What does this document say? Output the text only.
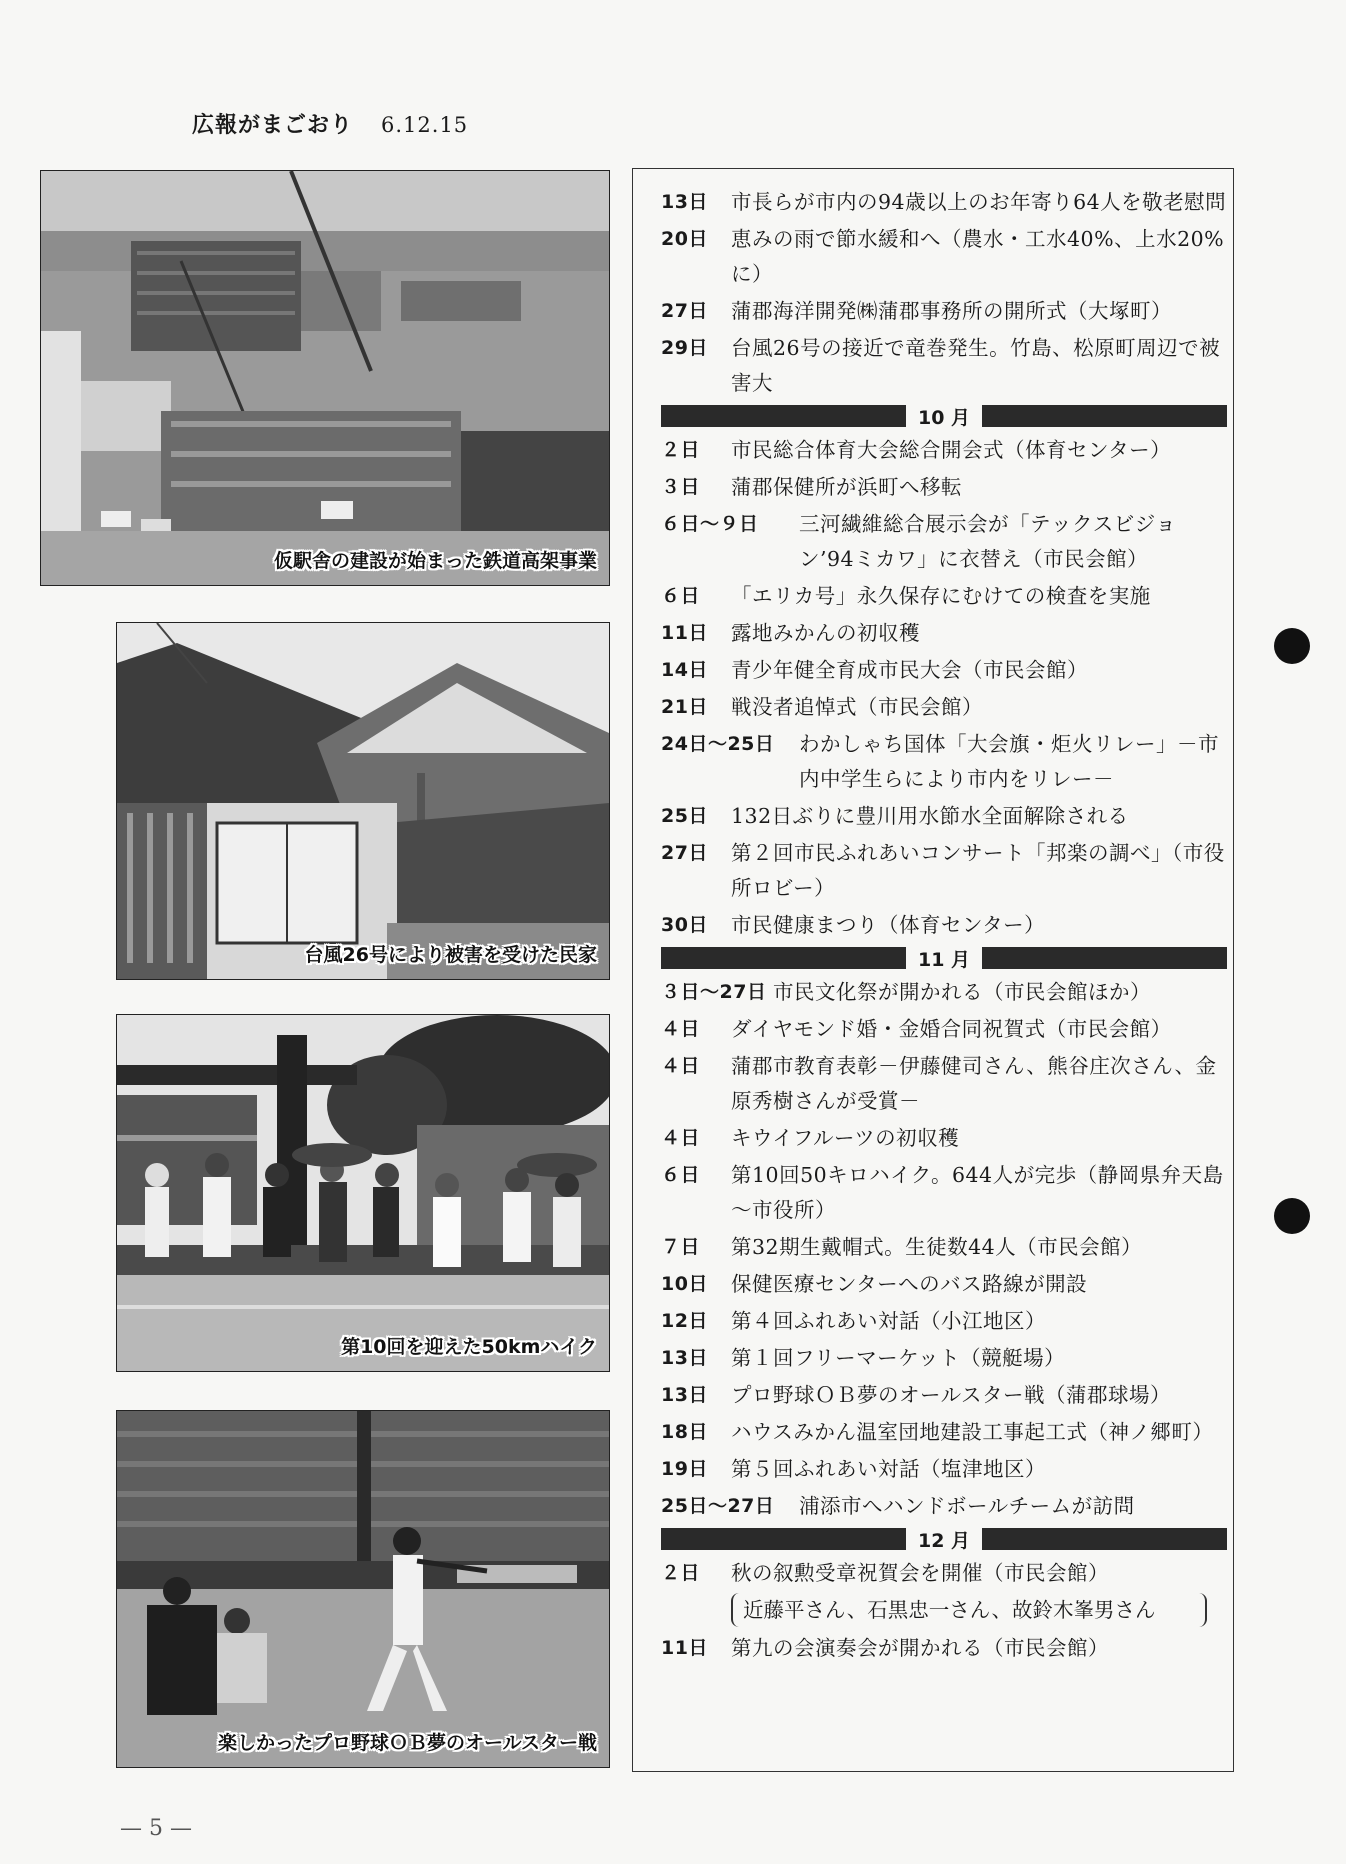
広報がまごおり 6.12.15
仮駅舎の建設が始まった鉄道高架事業
台風26号により被害を受けた民家
第10回を迎えた50kmハイク
楽しかったプロ野球ＯＢ夢のオールスター戦
13日	市長らが市内の94歳以上のお年寄り64人を敬老慰問
20日	恵みの雨で節水緩和へ（農水・工水40%、上水20%に）
27日	蒲郡海洋開発㈱蒲郡事務所の開所式（大塚町）
29日	台風26号の接近で竜巻発生。竹島、松原町周辺で被害大
10 月
２日	市民総合体育大会総合開会式（体育センター）
３日	蒲郡保健所が浜町へ移転
６日～９日	三河繊維総合展示会が「テックスビジョン’94ミカワ」に衣替え（市民会館）
６日	「エリカ号」永久保存にむけての検査を実施
11日	露地みかんの初収穫
14日	青少年健全育成市民大会（市民会館）
21日	戦没者追悼式（市民会館）
24日～25日	わかしゃち国体「大会旗・炬火リレー」－市内中学生らにより市内をリレー－
25日	132日ぶりに豊川用水節水全面解除される
27日	第２回市民ふれあいコンサート「邦楽の調べ」（市役所ロビー）
30日	市民健康まつり（体育センター）
11 月
３日～27日 市民文化祭が開かれる（市民会館ほか）
４日	ダイヤモンド婚・金婚合同祝賀式（市民会館）
４日	蒲郡市教育表彰－伊藤健司さん、熊谷庄次さん、金原秀樹さんが受賞－
４日	キウイフルーツの初収穫
６日	第10回50キロハイク。644人が完歩（静岡県弁天島～市役所）
７日	第32期生戴帽式。生徒数44人（市民会館）
10日	保健医療センターへのバス路線が開設
12日	第４回ふれあい対話（小江地区）
13日	第１回フリーマーケット（競艇場）
13日	プロ野球ＯＢ夢のオールスター戦（蒲郡球場）
18日	ハウスみかん温室団地建設工事起工式（神ノ郷町）
19日	第５回ふれあい対話（塩津地区）
25日～27日	浦添市へハンドボールチームが訪問
12 月
２日	秋の叙勲受章祝賀会を開催（市民会館）
近藤平さん、石黒忠一さん、故鈴木峯男さん
11日	第九の会演奏会が開かれる（市民会館）
— 5 —
